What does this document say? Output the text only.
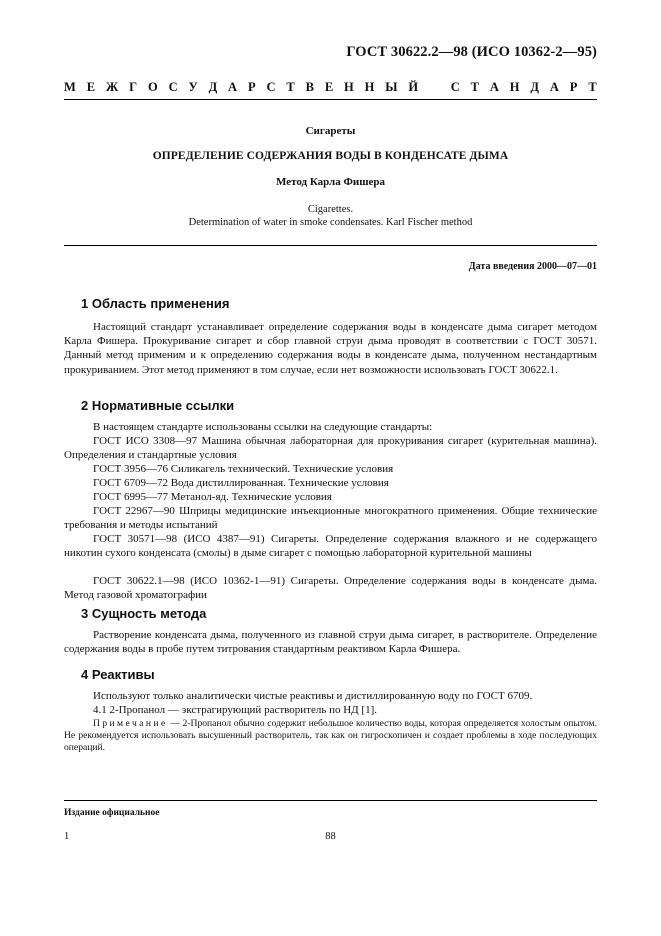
ГОСТ 30622.2—98 (ИСО 10362-2—95)
М Е Ж Г О С У Д А Р С Т В Е Н Н Ы Й	С Т А Н Д А Р Т
Сигареты
ОПРЕДЕЛЕНИЕ СОДЕРЖАНИЯ ВОДЫ В КОНДЕНСАТЕ ДЫМА
Метод Карла Фишера
Cigarettes.
Determination of water in smoke condensates. Karl Fischer method
Дата введения 2000—07—01
1 Область применения

Настоящий стандарт устанавливает определение содержания воды в конденсате дыма сигарет методом Карла Фишера. Прокуривание сигарет и сбор главной струи дыма проводят в соответствии с ГОСТ 30571. Данный метод применим и к определению содержания воды в конденсате дыма, полученном нестандартным прокуриванием. Этот метод применяют в том случае, если нет возможности использовать ГОСТ 30622.1.

2 Нормативные ссылки

В настоящем стандарте использованы ссылки на следующие стандарты:

ГОСТ ИСО 3308—97 Машина обычная лабораторная для прокуривания сигарет (курительная машина). Определения и стандартные условия

ГОСТ 3956—76 Силикагель технический. Технические условия

ГОСТ 6709—72 Вода дистиллированная. Технические условия

ГОСТ 6995—77 Метанол-яд. Технические условия

ГОСТ 22967—90 Шприцы медицинские инъекционные многократного применения. Общие технические требования и методы испытаний

ГОСТ 30571—98 (ИСО 4387—91) Сигареты. Определение содержания влажного и не содержащего никотин сухого конденсата (смолы) в дыме сигарет с помощью лабораторной курительной машины

ГОСТ 30622.1—98 (ИСО 10362-1—91) Сигареты. Определение содержания воды в конденсате дыма. Метод газовой хроматографии

3 Сущность метода

Растворение конденсата дыма, полученного из главной струи дыма сигарет, в растворителе. Определение содержания воды в пробе путем титрования стандартным реактивом Карла Фишера.

4 Реактивы

Используют только аналитически чистые реактивы и дистиллированную воду по ГОСТ 6709.

4.1 2-Пропанол — экстрагирующий растворитель по НД [1].

Примечание — 2-Пропанол обычно содержит небольшое количество воды, которая определяется холостым опытом. Не рекомендуется использовать высушенный растворитель, так как он гигроскопичен и создает проблемы в ходе последующих операций.

Издание официальное
1	88
